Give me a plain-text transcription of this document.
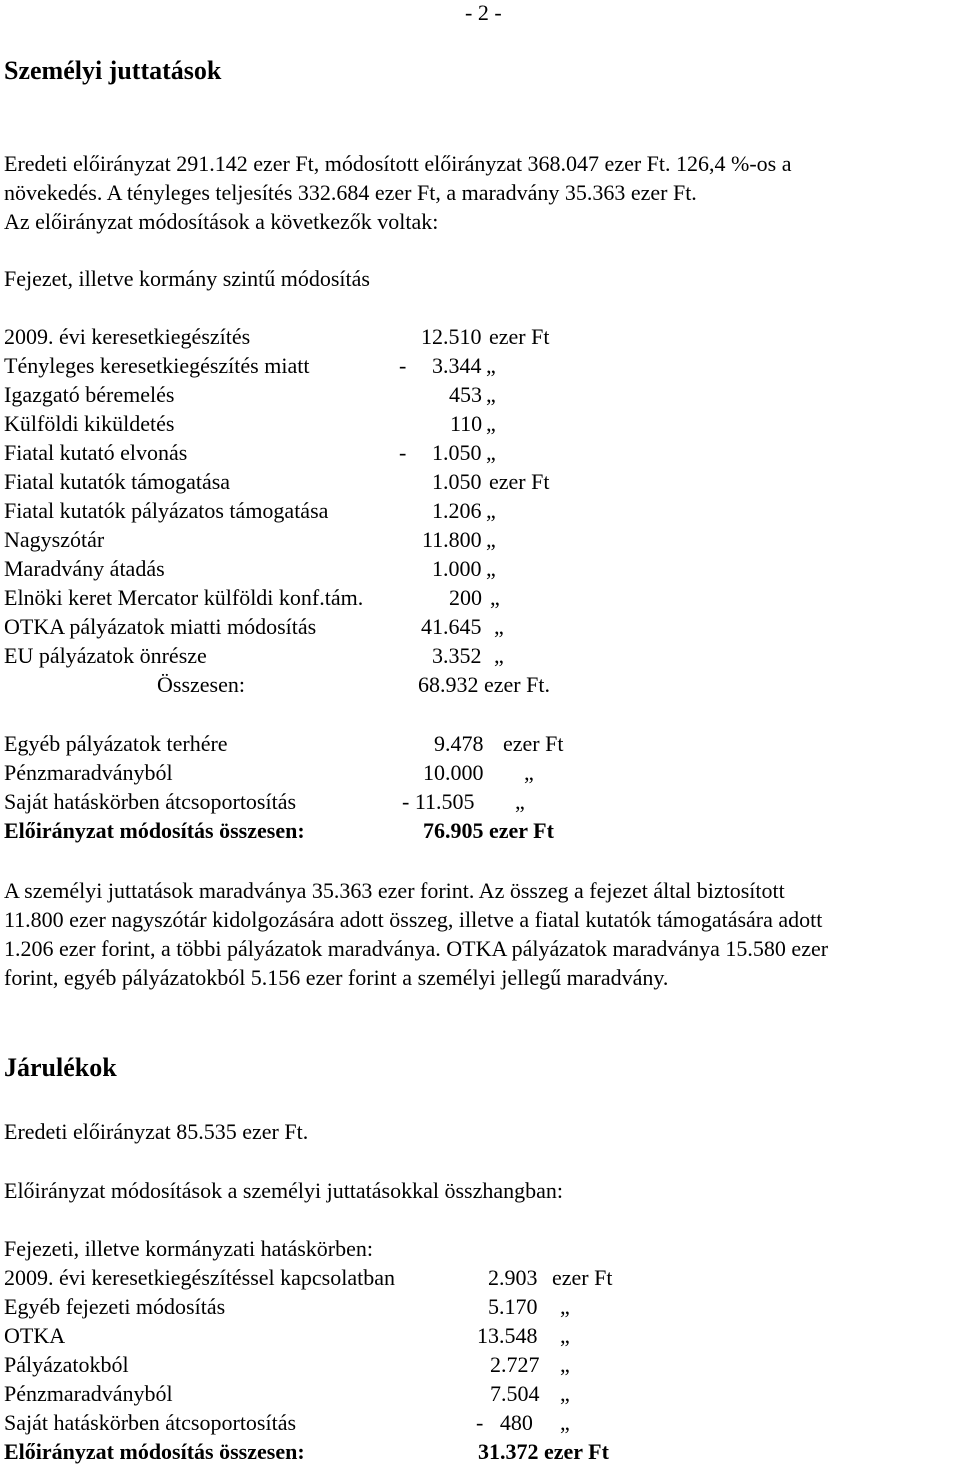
- 2 -
Személyi juttatások
Eredeti előirányzat 291.142 ezer Ft, módosított előirányzat 368.047 ezer Ft. 126,4 %-os a
növekedés. A tényleges teljesítés 332.684 ezer Ft, a maradvány 35.363 ezer Ft.
Az előirányzat módosítások a következők voltak:
Fejezet, illetve kormány szintű módosítás
2009. évi keresetkiegészítés	12.510 ezer Ft
Tényleges keresetkiegészítés miatt	- 3.344 „
Igazgató béremelés	453 „
Külföldi kiküldetés	110 „
Fiatal kutató elvonás	- 1.050 „
Fiatal kutatók támogatása	1.050 ezer Ft
Fiatal kutatók pályázatos támogatása	1.206 „
Nagyszótár	11.800 „
Maradvány átadás	1.000 „
Elnöki keret Mercator külföldi konf.tám.	200 „
OTKA pályázatok miatti módosítás	41.645 „
EU pályázatok önrésze	3.352 „
Összesen:	68.932 ezer Ft.
Egyéb pályázatok terhére	9.478 ezer Ft
Pénzmaradványból	10.000 „
Saját hatáskörben átcsoportosítás	- 11.505 „
Előirányzat módosítás összesen:	76.905 ezer Ft
A személyi juttatások maradványa 35.363 ezer forint. Az összeg a fejezet által biztosított
11.800 ezer nagyszótár kidolgozására adott összeg, illetve a fiatal kutatók támogatására adott
1.206 ezer forint, a többi pályázatok maradványa. OTKA pályázatok maradványa 15.580 ezer
forint, egyéb pályázatokból 5.156 ezer forint a személyi jellegű maradvány.
Járulékok
Eredeti előirányzat 85.535 ezer Ft.
Előirányzat módosítások a személyi juttatásokkal összhangban:
Fejezeti, illetve kormányzati hatáskörben:
2009. évi keresetkiegészítéssel kapcsolatban	2.903 ezer Ft
Egyéb fejezeti módosítás	5.170 „
OTKA	13.548 „
Pályázatokból	2.727 „
Pénzmaradványból	7.504 „
Saját hatáskörben átcsoportosítás	-   480 „
Előirányzat módosítás összesen:	31.372 ezer Ft
